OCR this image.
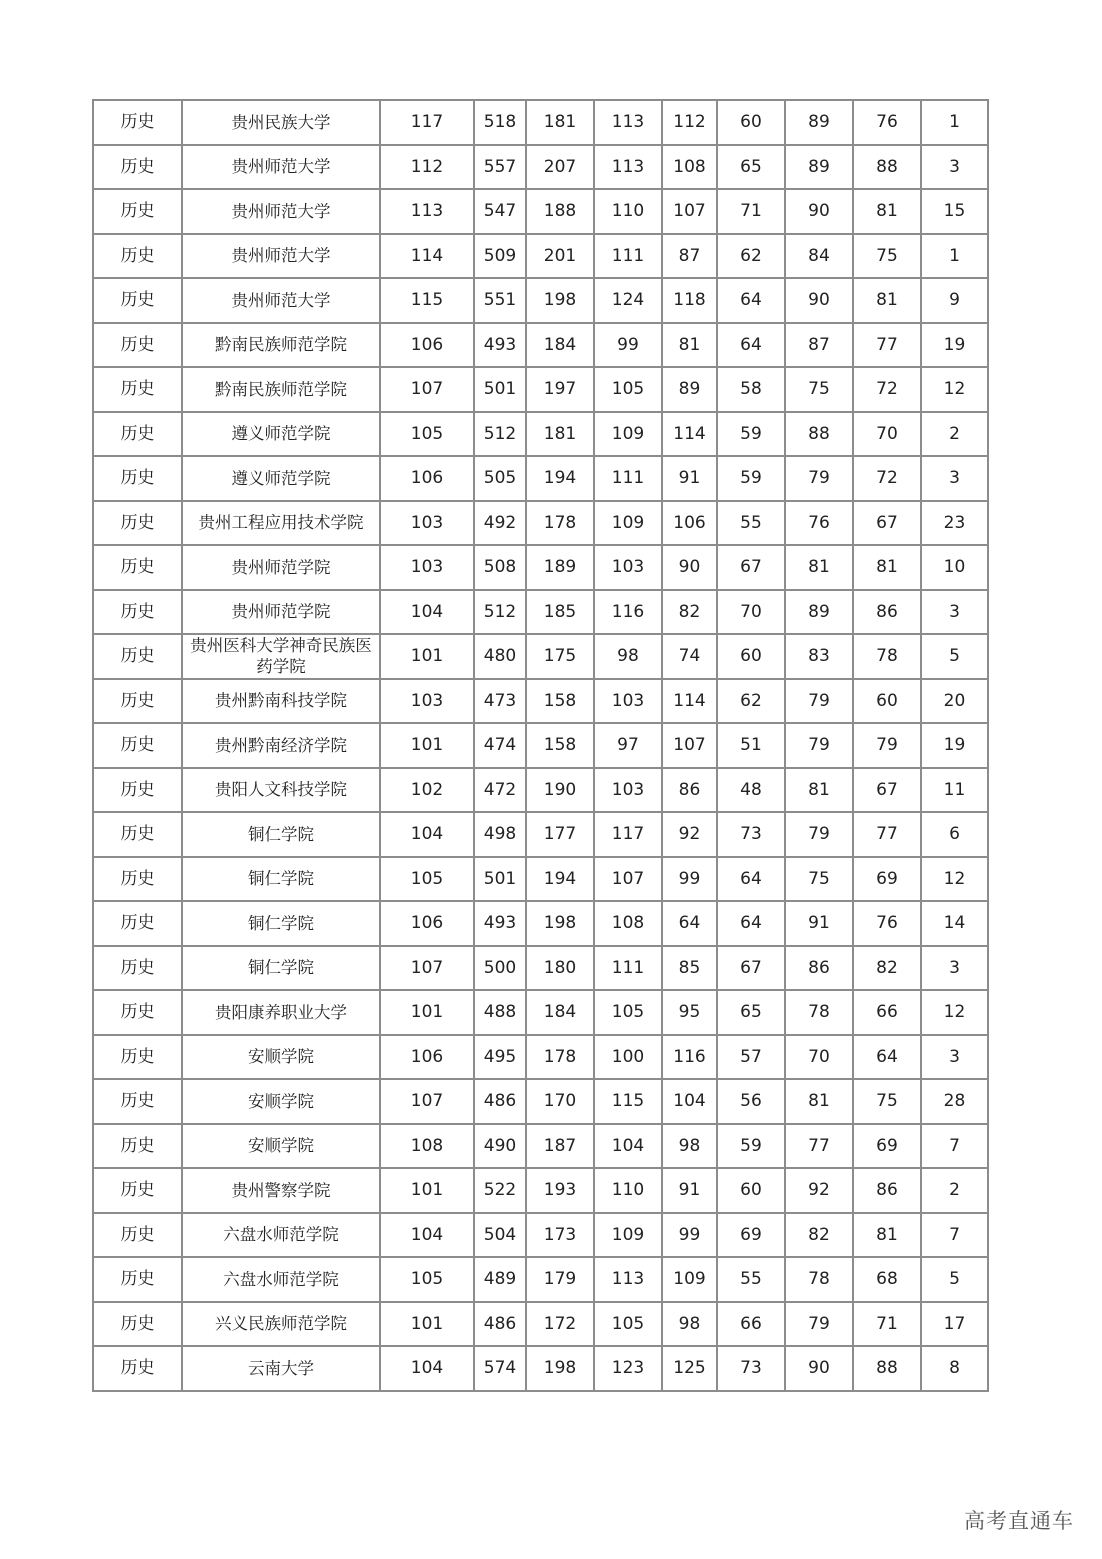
历史	贵州民族大学	117	518	181	113	112	60	89	76	1
历史	贵州师范大学	112	557	207	113	108	65	89	88	3
历史	贵州师范大学	113	547	188	110	107	71	90	81	15
历史	贵州师范大学	114	509	201	111	87	62	84	75	1
历史	贵州师范大学	115	551	198	124	118	64	90	81	9
历史	黔南民族师范学院	106	493	184	99	81	64	87	77	19
历史	黔南民族师范学院	107	501	197	105	89	58	75	72	12
历史	遵义师范学院	105	512	181	109	114	59	88	70	2
历史	遵义师范学院	106	505	194	111	91	59	79	72	3
历史	贵州工程应用技术学院	103	492	178	109	106	55	76	67	23
历史	贵州师范学院	103	508	189	103	90	67	81	81	10
历史	贵州师范学院	104	512	185	116	82	70	89	86	3
历史	贵州医科大学神奇民族医药学院	101	480	175	98	74	60	83	78	5
历史	贵州黔南科技学院	103	473	158	103	114	62	79	60	20
历史	贵州黔南经济学院	101	474	158	97	107	51	79	79	19
历史	贵阳人文科技学院	102	472	190	103	86	48	81	67	11
历史	铜仁学院	104	498	177	117	92	73	79	77	6
历史	铜仁学院	105	501	194	107	99	64	75	69	12
历史	铜仁学院	106	493	198	108	64	64	91	76	14
历史	铜仁学院	107	500	180	111	85	67	86	82	3
历史	贵阳康养职业大学	101	488	184	105	95	65	78	66	12
历史	安顺学院	106	495	178	100	116	57	70	64	3
历史	安顺学院	107	486	170	115	104	56	81	75	28
历史	安顺学院	108	490	187	104	98	59	77	69	7
历史	贵州警察学院	101	522	193	110	91	60	92	86	2
历史	六盘水师范学院	104	504	173	109	99	69	82	81	7
历史	六盘水师范学院	105	489	179	113	109	55	78	68	5
历史	兴义民族师范学院	101	486	172	105	98	66	79	71	17
历史	云南大学	104	574	198	123	125	73	90	88	8
高考直通车
